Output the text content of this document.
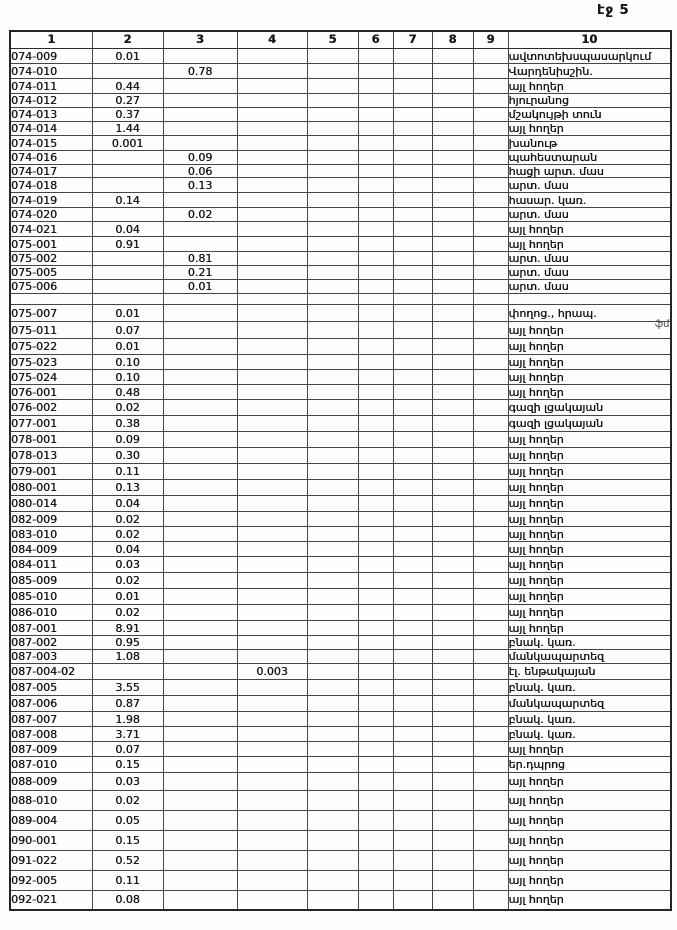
էջ 5
1	2	3	4	5	6	7	8	9	10
074-009	0.01								ավտոտեխսպասարկում
074-010		0.78							Վարդենիսշին.
074-011	0.44								այլ հողեր
074-012	0.27								հյուրանոց
074-013	0.37								մշակույթի տուն
074-014	1.44								այլ հողեր
074-015	0.001								խանութ
074-016		0.09							պահեստարան
074-017		0.06							հացի արտ. մաս
074-018		0.13							արտ. մաս
074-019	0.14								հասար. կառ.
074-020		0.02							արտ. մաս
074-021	0.04								այլ հողեր
075-001	0.91								այլ հողեր
075-002		0.81							արտ. մաս
075-005		0.21							արտ. մաս
075-006		0.01							արտ. մաս

075-007	0.01								փողոց., հրապ.
075-011	0.07								այլ հողեր
075-022	0.01								այլ հողեր
075-023	0.10								այլ հողեր
075-024	0.10								այլ հողեր
076-001	0.48								այլ հողեր
076-002	0.02								գազի լցակայան
077-001	0.38								գազի լցակայան
078-001	0.09								այլ հողեր
078-013	0.30								այլ հողեր
079-001	0.11								այլ հողեր
080-001	0.13								այլ հողեր
080-014	0.04								այլ հողեր
082-009	0.02								այլ հողեր
083-010	0.02								այլ հողեր
084-009	0.04								այլ հողեր
084-011	0.03								այլ հողեր
085-009	0.02								այլ հողեր
085-010	0.01								այլ հողեր
086-010	0.02								այլ հողեր
087-001	8.91								այլ հողեր
087-002	0.95								բնակ. կառ.
087-003	1.08								մանկապարտեզ
087-004-02			0.003						էլ. ենթակայան
087-005	3.55								բնակ. կառ.
087-006	0.87								մանկապարտեզ
087-007	1.98								բնակ. կառ.
087-008	3.71								բնակ. կառ.
087-009	0.07								այլ հողեր
087-010	0.15								եր.դպրոց
088-009	0.03								այլ հողեր
088-010	0.02								այլ հողեր
089-004	0.05								այլ հողեր
090-001	0.15								այլ հողեր
091-022	0.52								այլ հողեր
092-005	0.11								այլ հողեր
092-021	0.08								այլ հողեր
ֆմ
